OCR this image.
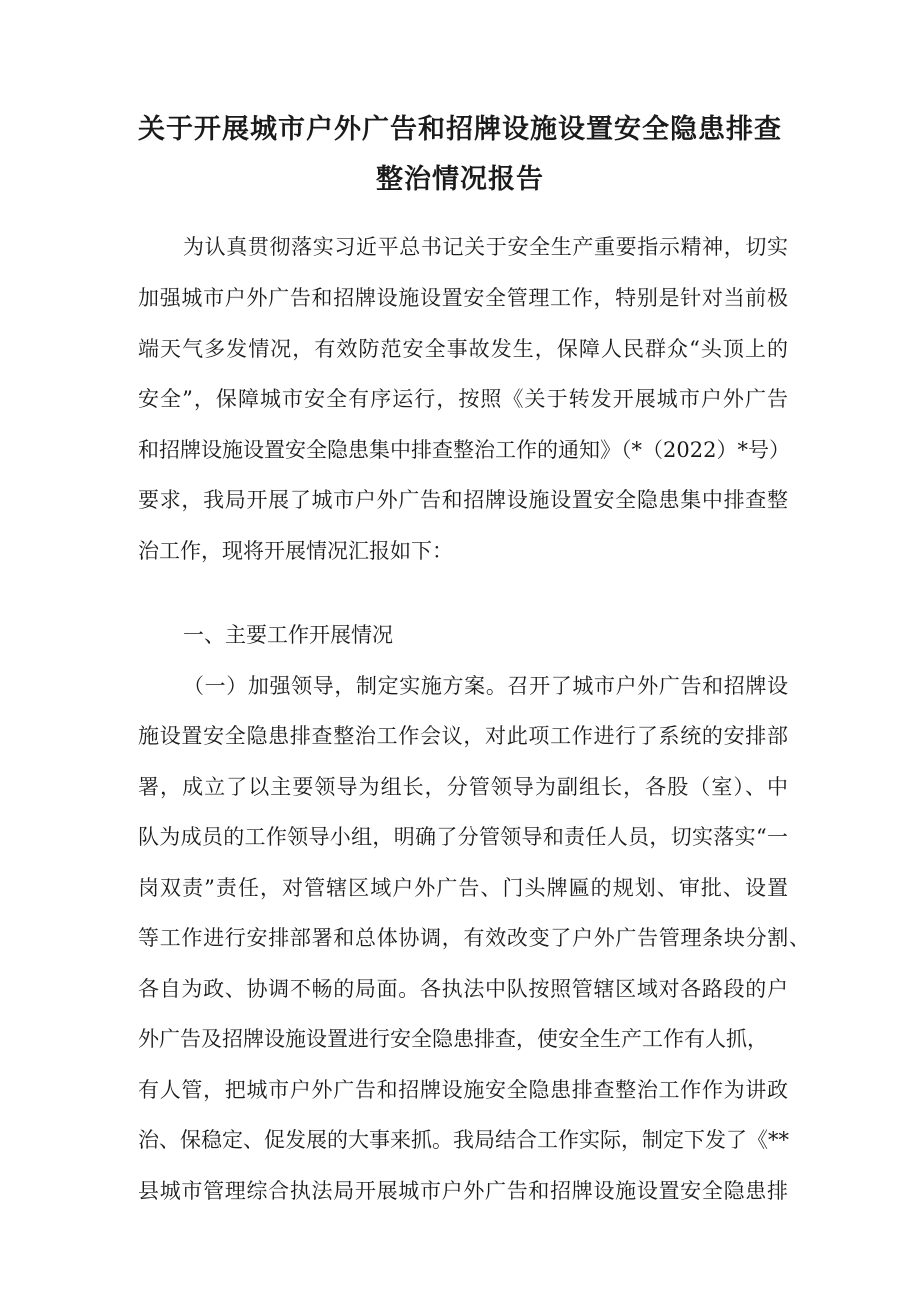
关于开展城市户外广告和招牌设施设置安全隐患排查
整治情况报告

为认真贯彻落实习近平总书记关于安全生产重要指示精神，切实

加强城市户外广告和招牌设施设置安全管理工作，特别是针对当前极

端天气多发情况，有效防范安全事故发生，保障人民群众“头顶上的

安全”，保障城市安全有序运行，按照《关于转发开展城市户外广告

和招牌设施设置安全隐患集中排查整治工作的通知》（*（2022）*号）

要求，我局开展了城市户外广告和招牌设施设置安全隐患集中排查整

治工作，现将开展情况汇报如下：

一、主要工作开展情况

（一）加强领导，制定实施方案。召开了城市户外广告和招牌设

施设置安全隐患排查整治工作会议，对此项工作进行了系统的安排部

署，成立了以主要领导为组长，分管领导为副组长，各股（室）、中

队为成员的工作领导小组，明确了分管领导和责任人员，切实落实“一

岗双责”责任，对管辖区域户外广告、门头牌匾的规划、审批、设置

等工作进行安排部署和总体协调，有效改变了户外广告管理条块分割、

各自为政、协调不畅的局面。各执法中队按照管辖区域对各路段的户

外广告及招牌设施设置进行安全隐患排查，使安全生产工作有人抓，

有人管，把城市户外广告和招牌设施安全隐患排查整治工作作为讲政

治、保稳定、促发展的大事来抓。我局结合工作实际，制定下发了《**

县城市管理综合执法局开展城市户外广告和招牌设施设置安全隐患排
